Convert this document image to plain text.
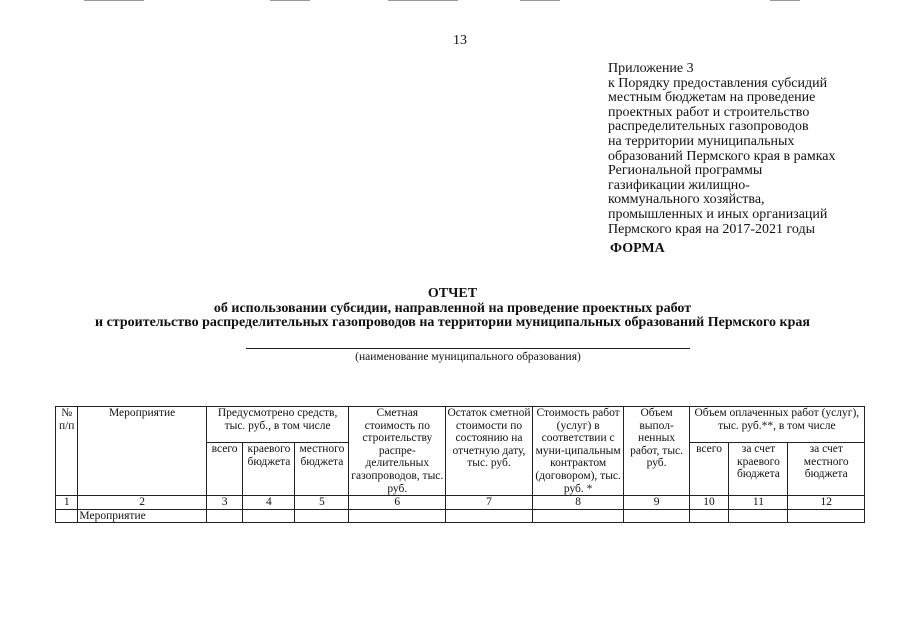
13
Приложение 3
к Порядку предоставления субсидий
местным бюджетам на проведение
проектных работ и строительство
распределительных газопроводов
на территории муниципальных
образований Пермского края в рамках
Региональной программы
газификации жилищно-
коммунального хозяйства,
промышленных и иных организаций
Пермского края на 2017-2021 годы
ФОРМА
ОТЧЕТ
об использовании субсидии, направленной на проведение проектных работ
и строительство распределительных газопроводов на территории муниципальных образований Пермского края
(наименование муниципального образования)
№ п/п	Мероприятие	Предусмотрено средств, тыс. руб., в том числе			Сметная стоимость по строительству распре-делительных газопроводов, тыс. руб.	Остаток сметной стоимости по состоянию на отчетную дату, тыс. руб.	Стоимость работ (услуг) в соответствии с муни-ципальным контрактом (договором), тыс. руб. *	Объем выпол-ненных работ, тыс. руб.	Объем оплаченных работ (услуг), тыс. руб.**, в том числе		
		всего	краевого бюджета	местного бюджета					всего	за счет краевого бюджета	за счет местного бюджета
1	2	3	4	5	6	7	8	9	10	11	12
	Мероприятие										
